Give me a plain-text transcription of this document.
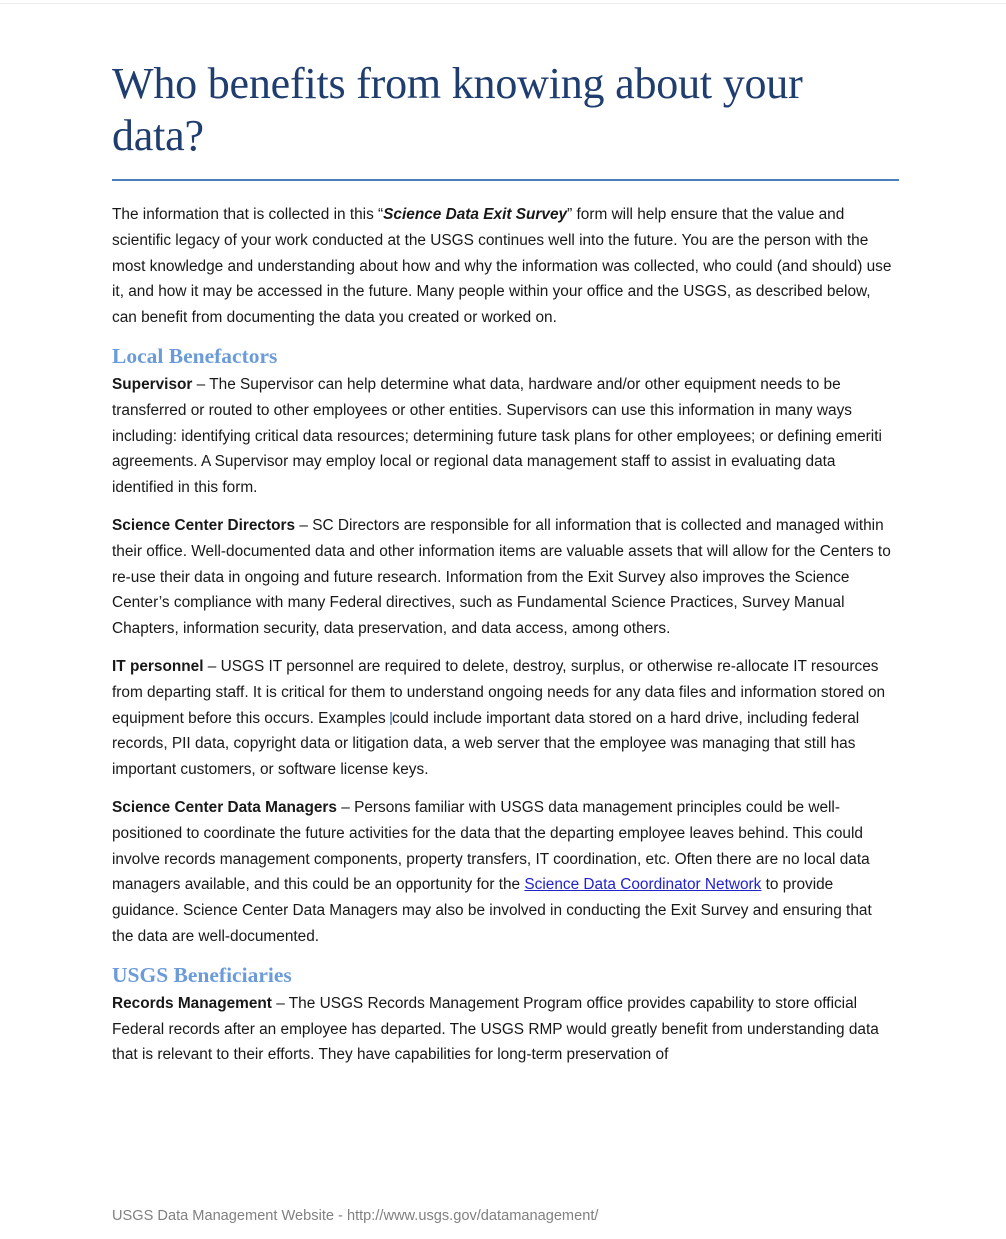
Who benefits from knowing about your data?

The information that is collected in this “Science Data Exit Survey” form will help ensure that the value and scientific legacy of your work conducted at the USGS continues well into the future. You are the person with the most knowledge and understanding about how and why the information was collected, who could (and should) use it, and how it may be accessed in the future. Many people within your office and the USGS, as described below, can benefit from documenting the data you created or worked on.

Local Benefactors

Supervisor – The Supervisor can help determine what data, hardware and/or other equipment needs to be transferred or routed to other employees or other entities. Supervisors can use this information in many ways including: identifying critical data resources; determining future task plans for other employees; or defining emeriti agreements. A Supervisor may employ local or regional data management staff to assist in evaluating data identified in this form.

Science Center Directors – SC Directors are responsible for all information that is collected and managed within their office. Well-documented data and other information items are valuable assets that will allow for the Centers to re-use their data in ongoing and future research. Information from the Exit Survey also improves the Science Center’s compliance with many Federal directives, such as Fundamental Science Practices, Survey Manual Chapters, information security, data preservation, and data access, among others.

IT personnel – USGS IT personnel are required to delete, destroy, surplus, or otherwise re-allocate IT resources from departing staff. It is critical for them to understand ongoing needs for any data files and information stored on equipment before this occurs. Examples could include important data stored on a hard drive, including federal records, PII data, copyright data or litigation data, a web server that the employee was managing that still has important customers, or software license keys.

Science Center Data Managers – Persons familiar with USGS data management principles could be well-positioned to coordinate the future activities for the data that the departing employee leaves behind. This could involve records management components, property transfers, IT coordination, etc. Often there are no local data managers available, and this could be an opportunity for the Science Data Coordinator Network to provide guidance. Science Center Data Managers may also be involved in conducting the Exit Survey and ensuring that the data are well-documented.

USGS Beneficiaries

Records Management – The USGS Records Management Program office provides capability to store official Federal records after an employee has departed. The USGS RMP would greatly benefit from understanding data that is relevant to their efforts. They have capabilities for long-term preservation of

USGS Data Management Website - http://www.usgs.gov/datamanagement/
